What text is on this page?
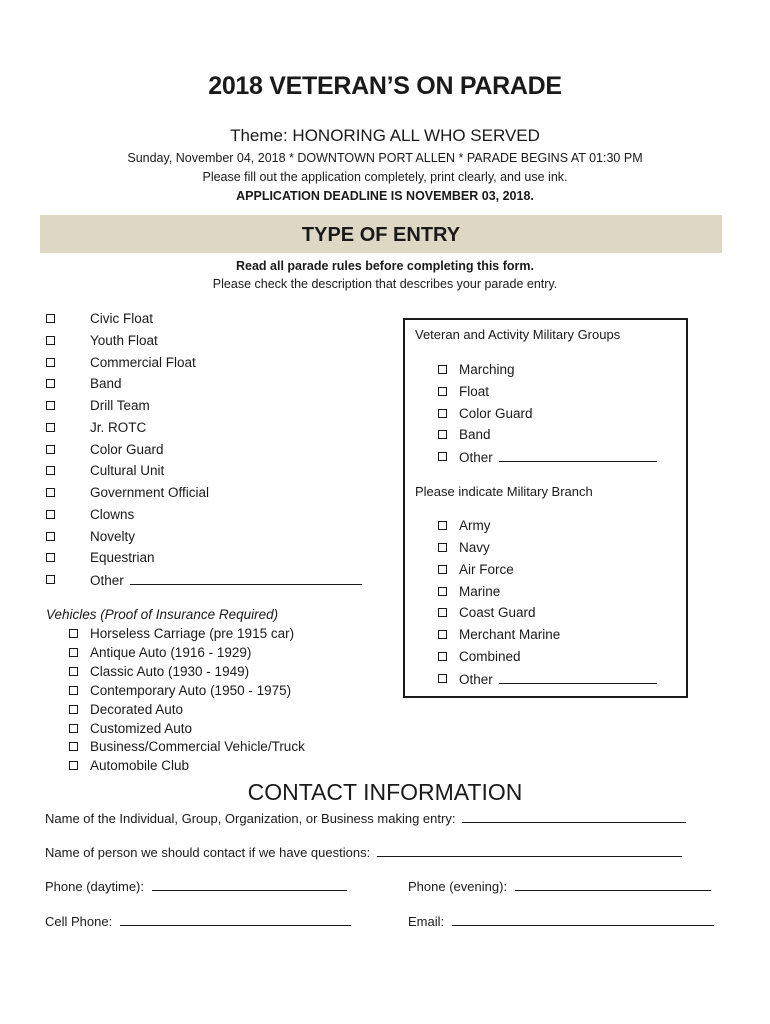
2018 VETERAN’S ON PARADE
Theme: HONORING ALL WHO SERVED
Sunday, November 04, 2018 * DOWNTOWN PORT ALLEN * PARADE BEGINS AT 01:30 PM
Please fill out the application completely, print clearly, and use ink.
APPLICATION DEADLINE IS NOVEMBER 03, 2018.
TYPE OF ENTRY
Read all parade rules before completing this form.
Please check the description that describes your parade entry.
Civic Float
Youth Float
Commercial Float
Band
Drill Team
Jr. ROTC
Color Guard
Cultural Unit
Government Official
Clowns
Novelty
Equestrian
Other
Vehicles (Proof of Insurance Required)
Horseless Carriage (pre 1915 car)
Antique Auto (1916 - 1929)
Classic Auto (1930 - 1949)
Contemporary Auto (1950 - 1975)
Decorated Auto
Customized Auto
Business/Commercial Vehicle/Truck
Automobile Club
Veteran and Activity Military Groups
Marching
Float
Color Guard
Band
Other
Please indicate Military Branch
Army
Navy
Air Force
Marine
Coast Guard
Merchant Marine
Combined
Other
CONTACT INFORMATION
Name of the Individual, Group, Organization, or Business making entry:
Name of person we should contact if we have questions:
Phone (daytime):	Phone (evening):
Cell Phone:	Email:
